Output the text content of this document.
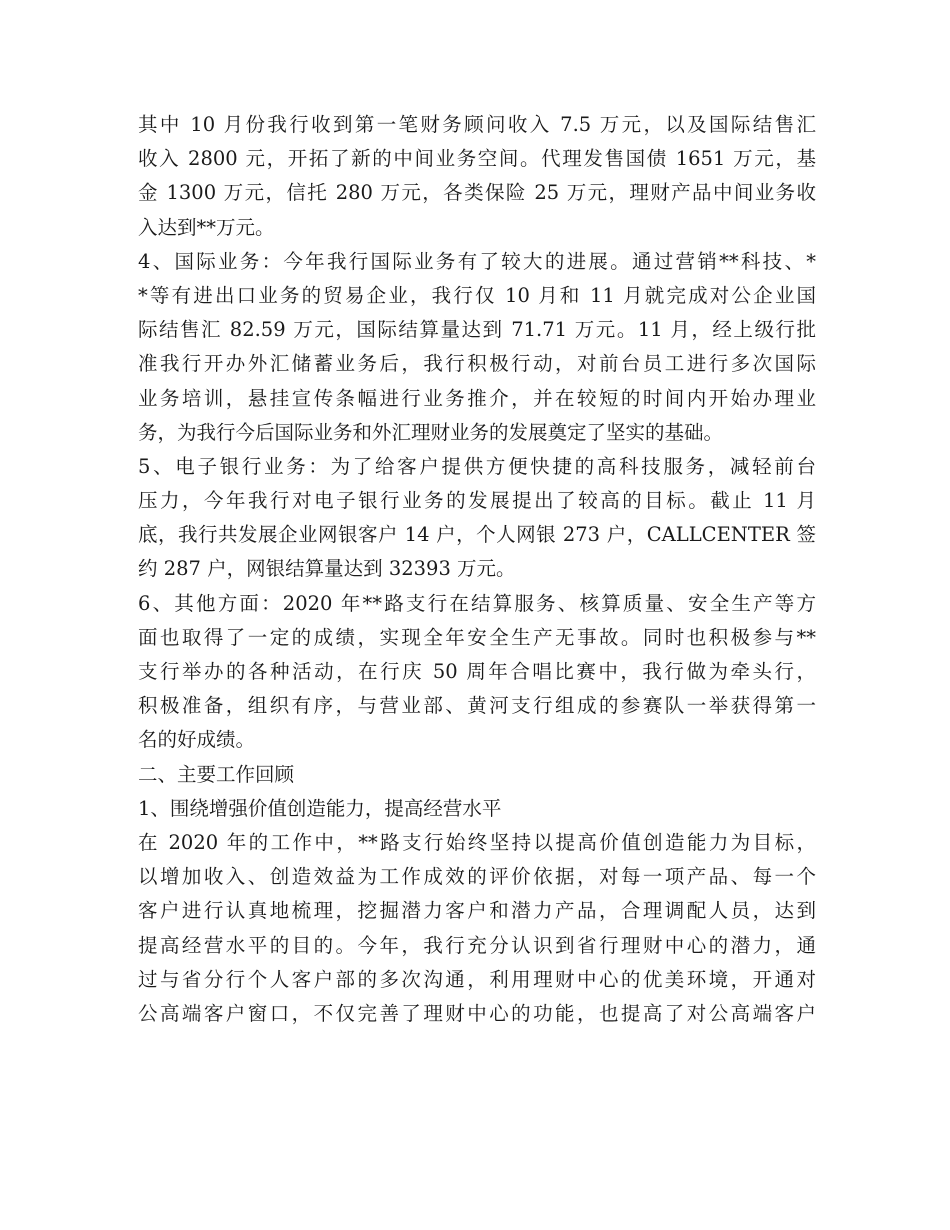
其中 10 月份我行收到第一笔财务顾问收入 7.5 万元，以及国际结售汇
收入 2800 元，开拓了新的中间业务空间。代理发售国债 1651 万元，基
金 1300 万元，信托 280 万元，各类保险 25 万元，理财产品中间业务收
入达到**万元。
4、国际业务：今年我行国际业务有了较大的进展。通过营销**科技、*
*等有进出口业务的贸易企业，我行仅 10 月和 11 月就完成对公企业国
际结售汇 82.59 万元，国际结算量达到 71.71 万元。11 月，经上级行批
准我行开办外汇储蓄业务后，我行积极行动，对前台员工进行多次国际
业务培训，悬挂宣传条幅进行业务推介，并在较短的时间内开始办理业
务，为我行今后国际业务和外汇理财业务的发展奠定了坚实的基础。
5、电子银行业务：为了给客户提供方便快捷的高科技服务，减轻前台
压力，今年我行对电子银行业务的发展提出了较高的目标。截止 11 月
底，我行共发展企业网银客户 14 户，个人网银 273 户，CALLCENTER 签
约 287 户，网银结算量达到 32393 万元。
6、其他方面：2020 年**路支行在结算服务、核算质量、安全生产等方
面也取得了一定的成绩，实现全年安全生产无事故。同时也积极参与**
支行举办的各种活动，在行庆 50 周年合唱比赛中，我行做为牵头行，
积极准备，组织有序，与营业部、黄河支行组成的参赛队一举获得第一
名的好成绩。
二、主要工作回顾
1、围绕增强价值创造能力，提高经营水平
在 2020 年的工作中，**路支行始终坚持以提高价值创造能力为目标，
以增加收入、创造效益为工作成效的评价依据，对每一项产品、每一个
客户进行认真地梳理，挖掘潜力客户和潜力产品，合理调配人员，达到
提高经营水平的目的。今年，我行充分认识到省行理财中心的潜力，通
过与省分行个人客户部的多次沟通，利用理财中心的优美环境，开通对
公高端客户窗口，不仅完善了理财中心的功能，也提高了对公高端客户
